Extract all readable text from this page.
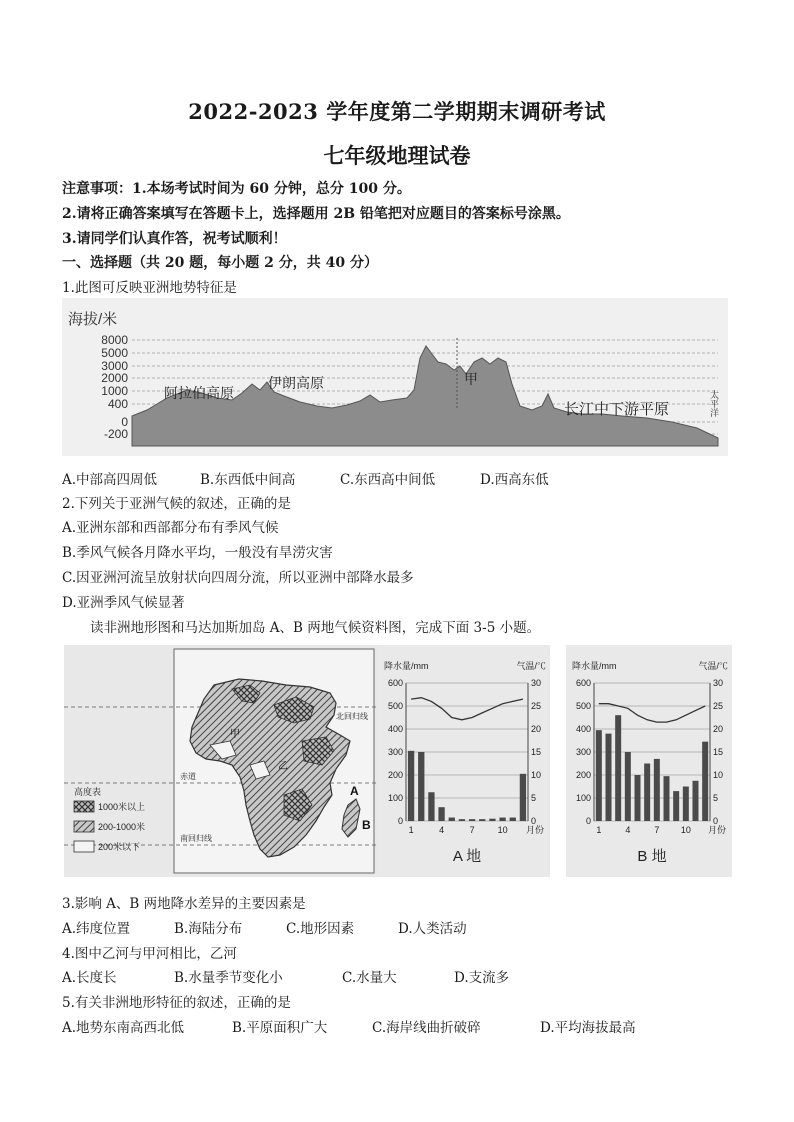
2022-2023 学年度第二学期期末调研考试
七年级地理试卷
注意事项：1.本场考试时间为 60 分钟，总分 100 分。
2.请将正确答案填写在答题卡上，选择题用 2B 铅笔把对应题目的答案标号涂黑。
3.请同学们认真作答，祝考试顺利！
一、选择题（共 20 题，每小题 2 分，共 40 分）
1.此图可反映亚洲地势特征是
海拔/米
8000
5000
3000
2000
1000
400
0
-200
阿拉伯高原
伊朗高原	甲
长江中下游平原	太平洋
A.中部高四周低	B.东西低中间高	C.东西高中间低	D.西高东低
2.下列关于亚洲气候的叙述，正确的是
A.亚洲东部和西部都分布有季风气候
B.季风气候各月降水平均，一般没有旱涝灾害
C.因亚洲河流呈放射状向四周分流，所以亚洲中部降水最多
D.亚洲季风气候显著
读非洲地形图和马达加斯加岛 A、B 两地气候资料图，完成下面 3-5 小题。
北回归线
赤道
南回归线
甲
乙
A
B
高度表
1000米以上
200-1000米
200米以下
降水量/mm	气温/℃
0
100
200
300
400
500
600
0
5
10
15
20
25
30
1	4	7	10 月份
A 地
降水量/mm	气温/℃
0
100
200
300
400
500
600
0
5
10
15
20
25
30
1	4	7 10 月份
B 地
3.影响 A、B 两地降水差异的主要因素是
A.纬度位置	B.海陆分布	C.地形因素	D.人类活动
4.图中乙河与甲河相比，乙河
A.长度长	B.水量季节变化小	C.水量大	D.支流多
5.有关非洲地形特征的叙述，正确的是
A.地势东南高西北低	B.平原面积广大	C.海岸线曲折破碎	D.平均海拔最高
